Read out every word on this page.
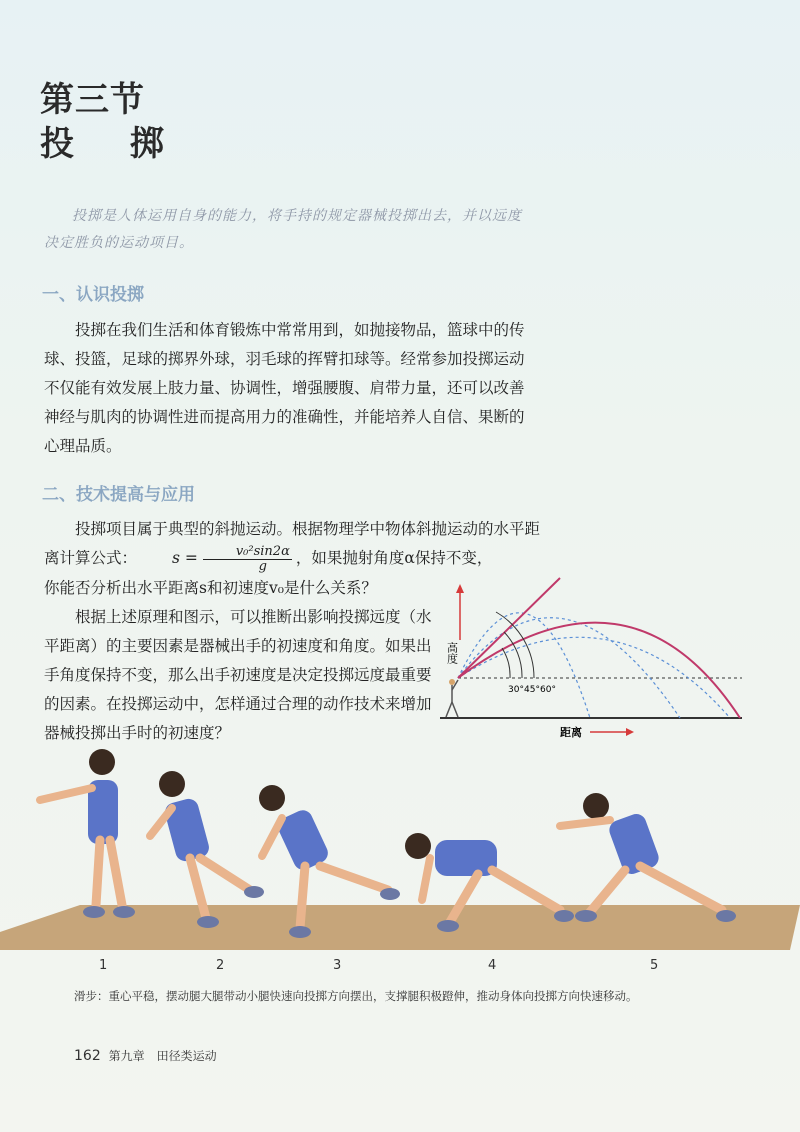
第三节
投 掷
投掷是人体运用自身的能力，将手持的规定器械投掷出去，并以远度决定胜负的运动项目。
一、认识投掷
投掷在我们生活和体育锻炼中常常用到，如抛接物品，篮球中的传球、投篮，足球的掷界外球，羽毛球的挥臂扣球等。经常参加投掷运动不仅能有效发展上肢力量、协调性，增强腰腹、肩带力量，还可以改善神经与肌肉的协调性进而提高用力的准确性，并能培养人自信、果断的心理品质。
二、技术提高与应用
投掷项目属于典型的斜抛运动。根据物理学中物体斜抛运动的水平距离计算公式： $s = \frac{\text{v₀²sin2α}}{g}$ ，如果抛射角度α保持不变，
你能否分析出水平距离s和初速度v₀是什么关系？
根据上述原理和图示，可以推断出影响投掷远度（水平距离）的主要因素是器械出手的初速度和角度。如果出手角度保持不变，那么出手初速度是决定投掷远度最重要的因素。在投掷运动中，怎样通过合理的动作技术来增加器械投掷出手时的初速度？
高度
30° 45° 60°
距离
1	2	3	4	5
滑步：重心平稳，摆动腿大腿带动小腿快速向投掷方向摆出，支撑腿积极蹬伸，推动身体向投掷方向快速移动。
162 第九章　田径类运动
